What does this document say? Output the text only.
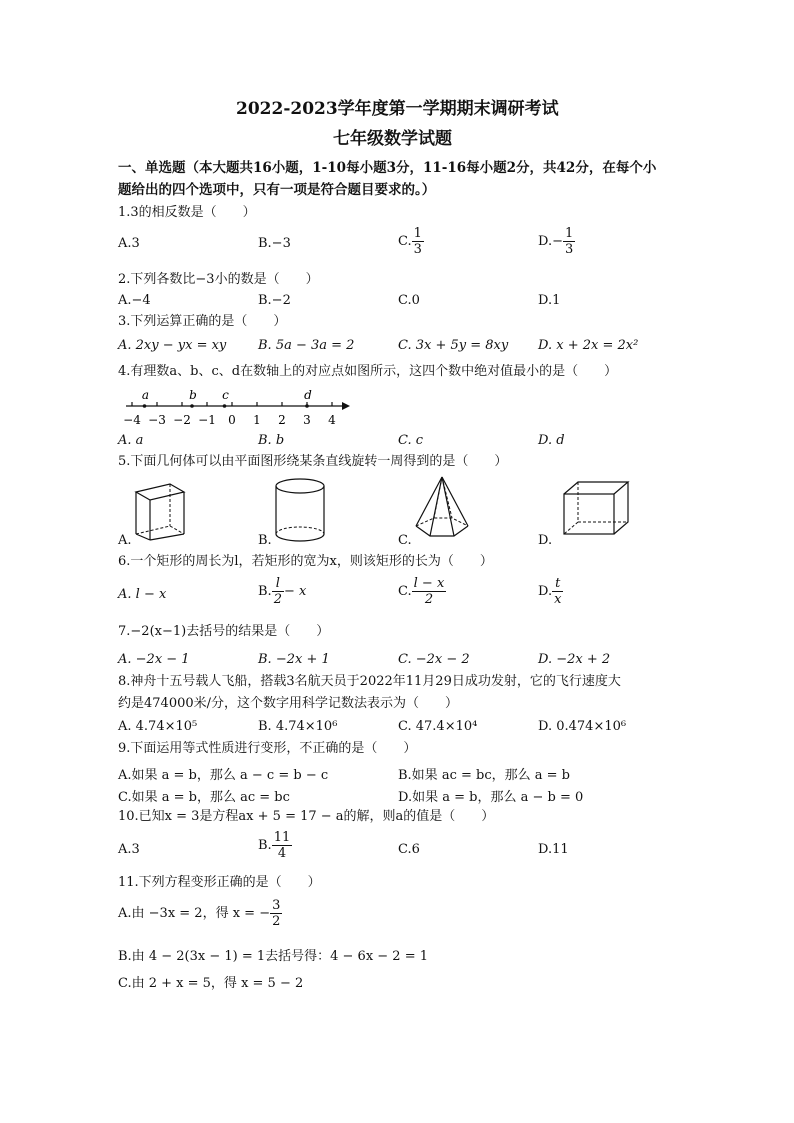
2022-2023学年度第一学期期末调研考试
七年级数学试题
一、单选题（本大题共16小题，1-10每小题3分，11-16每小题2分，共42分，在每个小
题给出的四个选项中，只有一项是符合题目要求的。）
1.3的相反数是（　　）
A.3	B.−3	C. $\frac{1}{3}$	$D.- \frac{1}{3}$
2.下列各数比−3小的数是（　　）
A.−4	B.−2	C.0	D.1
3.下列运算正确的是（　　）
A. 2xy − yx = xy B. 5a − 3a = 2	C. 3x + 5y = 8xy D. x + 2x = 2x²
4.有理数a、b、c、d在数轴上的对应点如图所示，这四个数中绝对值最小的是（　　）
−4 −3 −2 −1 0 1 2 3 4
a	b c	d
A. a	B. b	C. c	D. d
5.下面几何体可以由平面图形绕某条直线旋转一周得到的是（　　）
A.	B.	C.	D.
6.一个矩形的周长为l，若矩形的宽为x，则该矩形的长为（　　）
A. l − x	B. $\frac{l}{2} - x$	C. $\frac{l - x}{2}$	D. $\frac{t}{x}$
7.−2(x−1)去括号的结果是（　　）
A. −2x − 1	B. −2x + 1	C. −2x − 2	D. −2x + 2
8.神舟十五号载人飞船，搭载3名航天员于2022年11月29日成功发射，它的飞行速度大
约是474000米/分，这个数字用科学记数法表示为（　　）
A. 4.74×10⁵	B. 4.74×10⁶	C. 47.4×10⁴	D. 0.474×10⁶
9.下面运用等式性质进行变形，不正确的是（　　）
A.如果 a = b，那么 a − c = b − c	B.如果 ac = bc，那么 a = b
C.如果 a = b，那么 ac = bc	D.如果 a = b，那么 a − b = 0
10.已知x = 3是方程ax + 5 = 17 − a的解，则a的值是（　　）
A.3	B. $\frac{11}{4}$	C.6	D.11
11.下列方程变形正确的是（　　）
A.由 −3x = 2，得 x = − $\frac{3}{2}$
B.由 4 − 2(3x − 1) = 1去括号得：4 − 6x − 2 = 1
C.由 2 + x = 5，得 x = 5 − 2
